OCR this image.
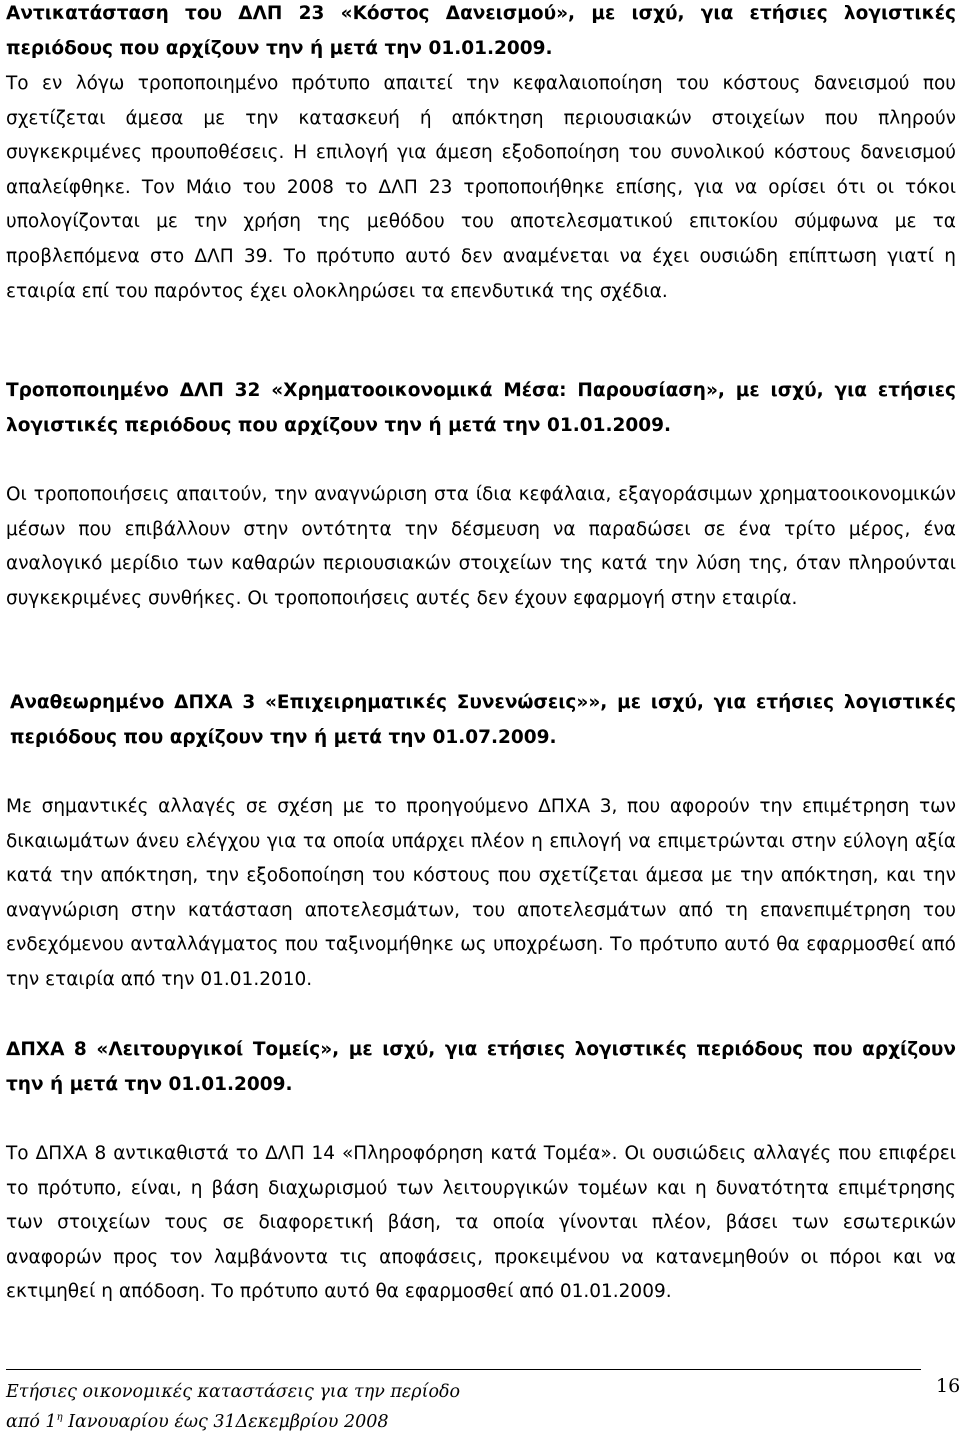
Αντικατάσταση του ΔΛΠ 23 «Κόστος Δανεισμού», με ισχύ, για ετήσιες λογιστικές περιόδους που αρχίζουν την ή μετά την 01.01.2009.

Το εν λόγω τροποποιημένο πρότυπο απαιτεί την κεφαλαιοποίηση του κόστους δανεισμού που σχετίζεται άμεσα με την κατασκευή ή απόκτηση περιουσιακών στοιχείων που πληρούν συγκεκριμένες προυποθέσεις. Η επιλογή για άμεση εξοδοποίηση του συνολικού κόστους δανεισμού απαλείφθηκε. Τον Μάιο του 2008 το ΔΛΠ 23 τροποποιήθηκε επίσης, για να ορίσει ότι οι τόκοι υπολογίζονται με την χρήση της μεθόδου του αποτελεσματικού επιτοκίου σύμφωνα με τα προβλεπόμενα στο ΔΛΠ 39. Το πρότυπο αυτό δεν αναμένεται να έχει ουσιώδη επίπτωση γιατί η εταιρία επί του παρόντος έχει ολοκληρώσει τα επενδυτικά της σχέδια.

Τροποποιημένο ΔΛΠ 32 «Χρηματοοικονομικά Μέσα: Παρουσίαση», με ισχύ, για ετήσιες λογιστικές περιόδους που αρχίζουν την ή μετά την 01.01.2009.

Οι τροποποιήσεις απαιτούν, την αναγνώριση στα ίδια κεφάλαια, εξαγοράσιμων χρηματοοικονομικών μέσων που επιβάλλουν στην οντότητα την δέσμευση να παραδώσει σε ένα τρίτο μέρος, ένα αναλογικό μερίδιο των καθαρών περιουσιακών στοιχείων της κατά την λύση της, όταν πληρούνται συγκεκριμένες συνθήκες. Οι τροποποιήσεις αυτές δεν έχουν εφαρμογή στην εταιρία.

Αναθεωρημένο ΔΠΧΑ 3 «Επιχειρηματικές Συνενώσεις»», με ισχύ, για ετήσιες λογιστικές περιόδους που αρχίζουν την ή μετά την 01.07.2009.

Με σημαντικές αλλαγές σε σχέση με το προηγούμενο ΔΠΧΑ 3, που αφορούν την επιμέτρηση των δικαιωμάτων άνευ ελέγχου για τα οποία υπάρχει πλέον η επιλογή να επιμετρώνται στην εύλογη αξία κατά την απόκτηση, την εξοδοποίηση του κόστους που σχετίζεται άμεσα με την απόκτηση, και την αναγνώριση στην κατάσταση αποτελεσμάτων, του αποτελεσμάτων από τη επανεπιμέτρηση του ενδεχόμενου ανταλλάγματος που ταξινομήθηκε ως υποχρέωση. Το πρότυπο αυτό θα εφαρμοσθεί από την εταιρία από την 01.01.2010.

ΔΠΧΑ 8 «Λειτουργικοί Τομείς», με ισχύ, για ετήσιες λογιστικές περιόδους που αρχίζουν την ή μετά την 01.01.2009.

Το ΔΠΧΑ 8 αντικαθιστά το ΔΛΠ 14 «Πληροφόρηση κατά Τομέα». Οι ουσιώδεις αλλαγές που επιφέρει το πρότυπο, είναι, η βάση διαχωρισμού των λειτουργικών τομέων και η δυνατότητα επιμέτρησης των στοιχείων τους σε διαφορετική βάση, τα οποία γίνονται πλέον, βάσει των εσωτερικών αναφορών προς τον λαμβάνοντα τις αποφάσεις, προκειμένου να κατανεμηθούν οι πόροι και να εκτιμηθεί η απόδοση. Το πρότυπο αυτό θα εφαρμοσθεί από 01.01.2009.

Ετήσιες οικονομικές καταστάσεις για την περίοδο
από $1^\eta$ Ιανουαρίου έως 31Δεκεμβρίου 2008
16
